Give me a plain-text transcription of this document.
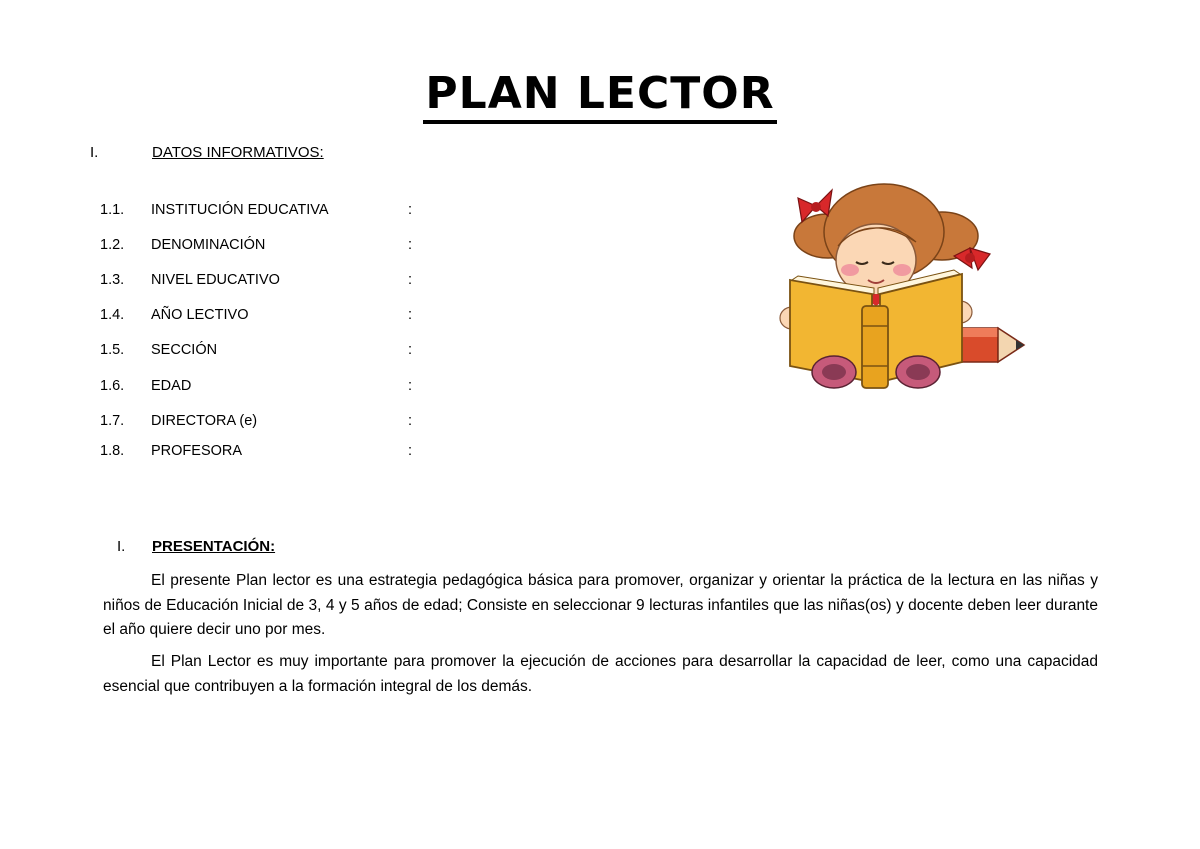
PLAN LECTOR
I.	DATOS INFORMATIVOS:
1.1. INSTITUCIÓN EDUCATIVA	:
1.2. DENOMINACIÓN	:
1.3. NIVEL EDUCATIVO	:
1.4. AÑO LECTIVO	:
1.5. SECCIÓN	:
1.6. EDAD	:
1.7. DIRECTORA (e)	:
1.8. PROFESORA	:
I. PRESENTACIÓN:
El presente Plan lector es una estrategia pedagógica básica para promover, organizar y orientar la práctica de la lectura en las niñas y niños de Educación Inicial de 3, 4 y 5 años de edad; Consiste en seleccionar 9 lecturas infantiles que las niñas(os) y docente deben leer durante el año quiere decir uno por mes.
El Plan Lector es muy importante para promover la ejecución de acciones para desarrollar la capacidad de leer, como una capacidad esencial que contribuyen a la formación integral de los demás.
